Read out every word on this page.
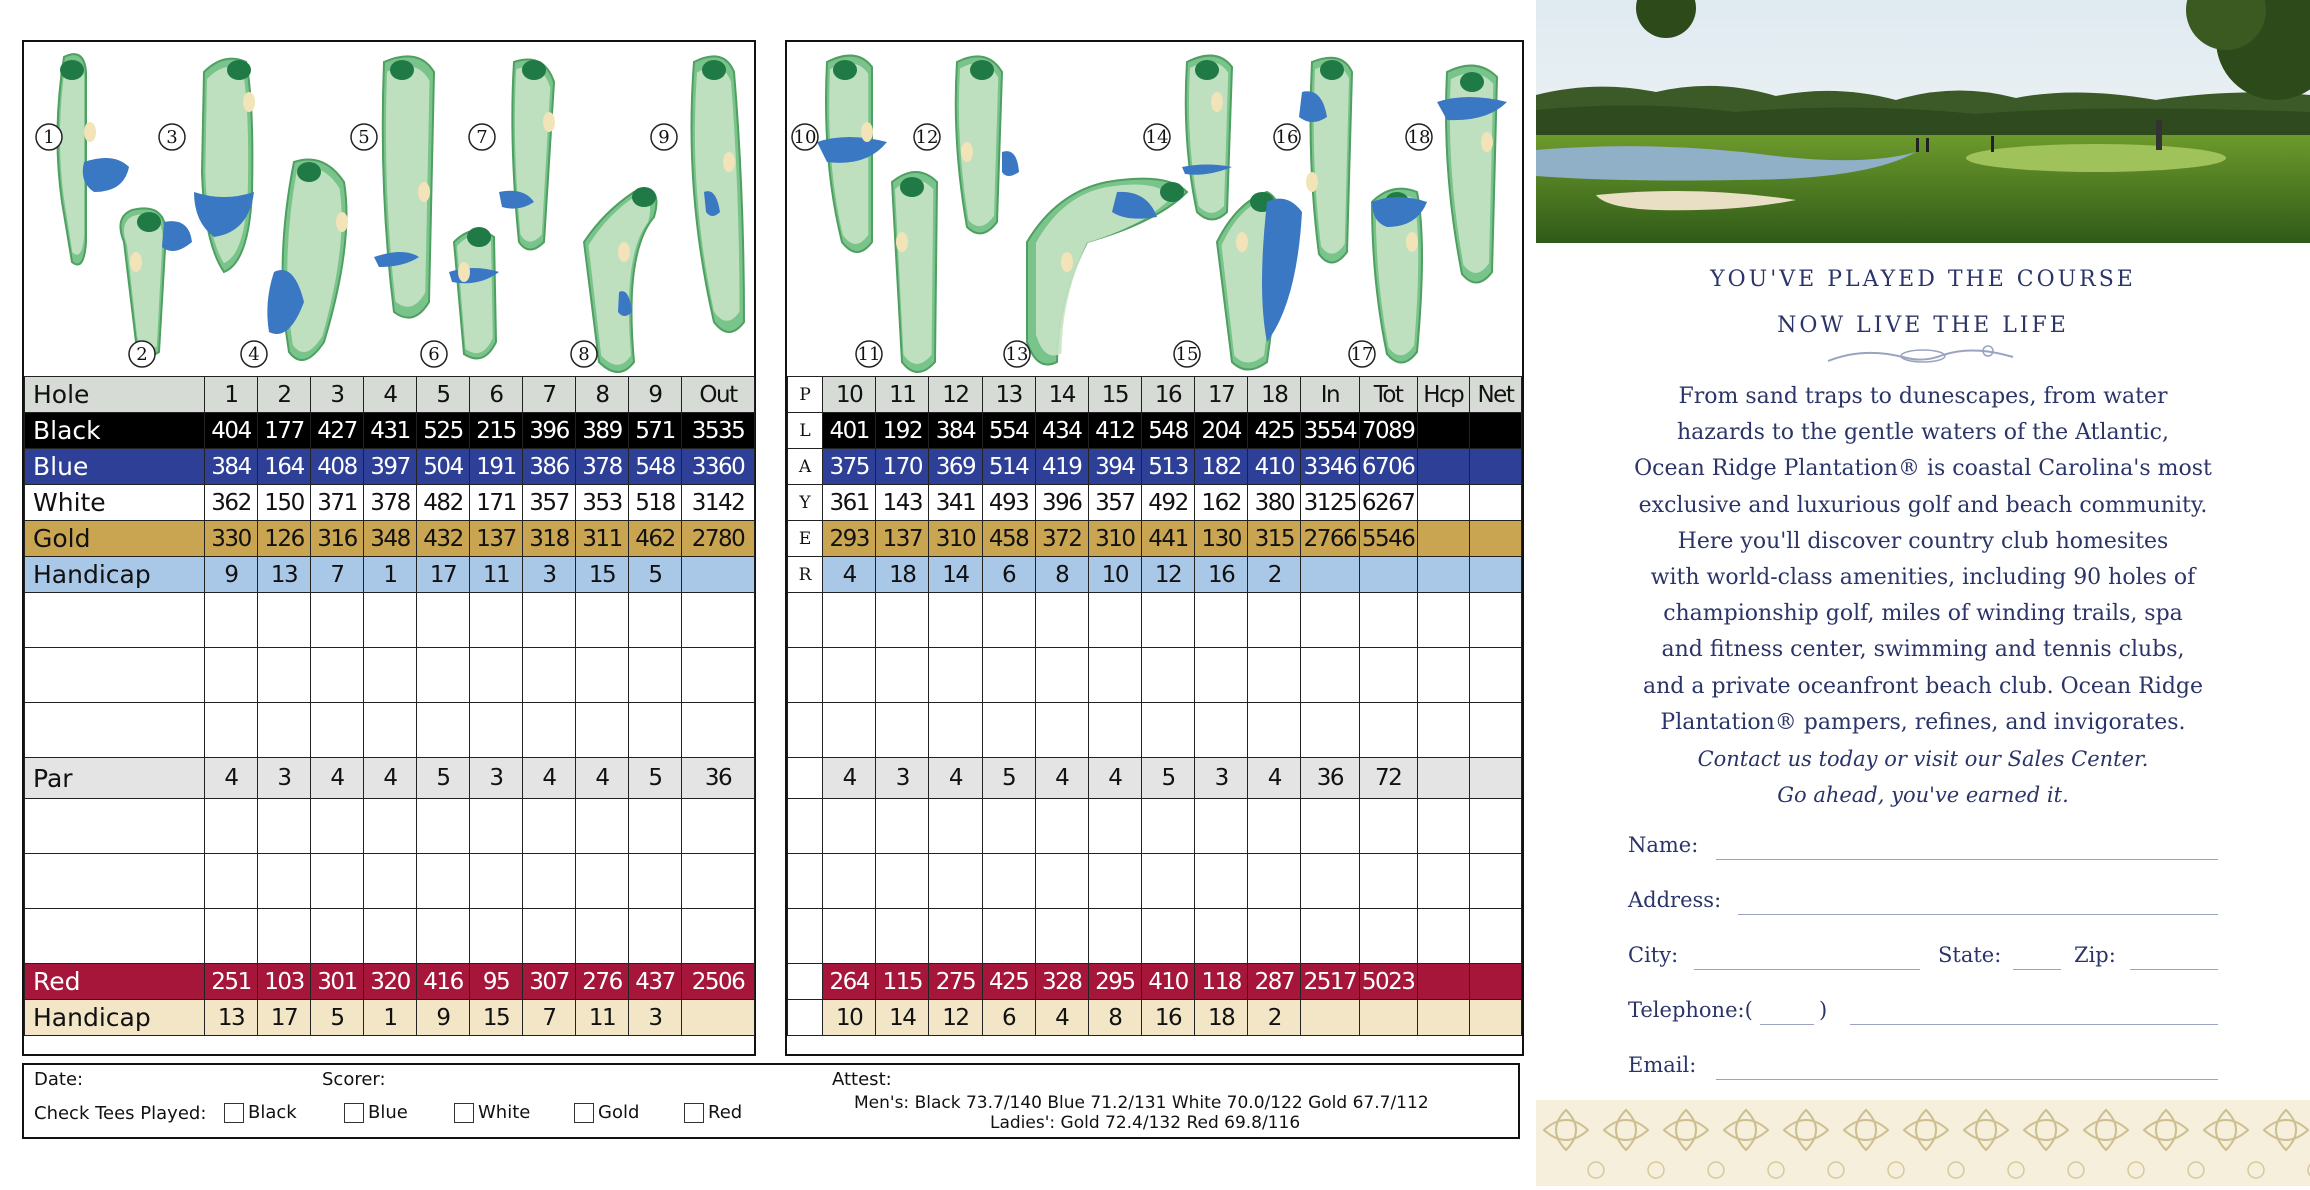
1
2
3
4
5
6
7
8
9
Hole	1	2	3	4	5	6	7	8	9	Out
Black	404	177	427	431	525	215	396	389	571	3535
Blue	384	164	408	397	504	191	386	378	548	3360
White	362	150	371	378	482	171	357	353	518	3142
Gold	330	126	316	348	432	137	318	311	462	2780
Handicap	9	13	7	1	17	11	3	15	5	

Par	4	3	4	4	5	3	4	4	5	36

Red	251	103	301	320	416	95	307	276	437	2506
Handicap	13	17	5	1	9	15	7	11	3	
10
11
12
13
14
15
16
17
18
P	10	11	12	13	14	15	16	17	18	In	Tot	Hcp	Net
L	401	192	384	554	434	412	548	204	425	3554	7089		
A	375	170	369	514	419	394	513	182	410	3346	6706		
Y	361	143	341	493	396	357	492	162	380	3125	6267		
E	293	137	310	458	372	310	441	130	315	2766	5546		
R	4	18	14	6	8	10	12	16	2				

	4	3	4	5	4	4	5	3	4	36	72		

	264	115	275	425	328	295	410	118	287	2517	5023		
	10	14	12	6	4	8	16	18	2				
Date:	Scorer:	Attest:
Check Tees Played:	Black	Blue	White	Gold	Red	Men's: Black 73.7/140 Blue 71.2/131 White 70.0/122 Gold 67.7/112
Ladies': Gold 72.4/132 Red 69.8/116
YOU'VE PLAYED THE COURSE
NOW LIVE THE LIFE

From sand traps to dunescapes, from water

hazards to the gentle waters of the Atlantic,

Ocean Ridge Plantation® is coastal Carolina's most

exclusive and luxurious golf and beach community.

Here you'll discover country club homesites

with world-class amenities, including 90 holes of

championship golf, miles of winding trails, spa

and fitness center, swimming and tennis clubs,

and a private oceanfront beach club. Ocean Ridge

Plantation® pampers, refines, and invigorates.

Contact us today or visit our Sales Center.

Go ahead, you've earned it.

Name:
Address:
City:	State:	Zip:
Telephone:(	)
Email:
